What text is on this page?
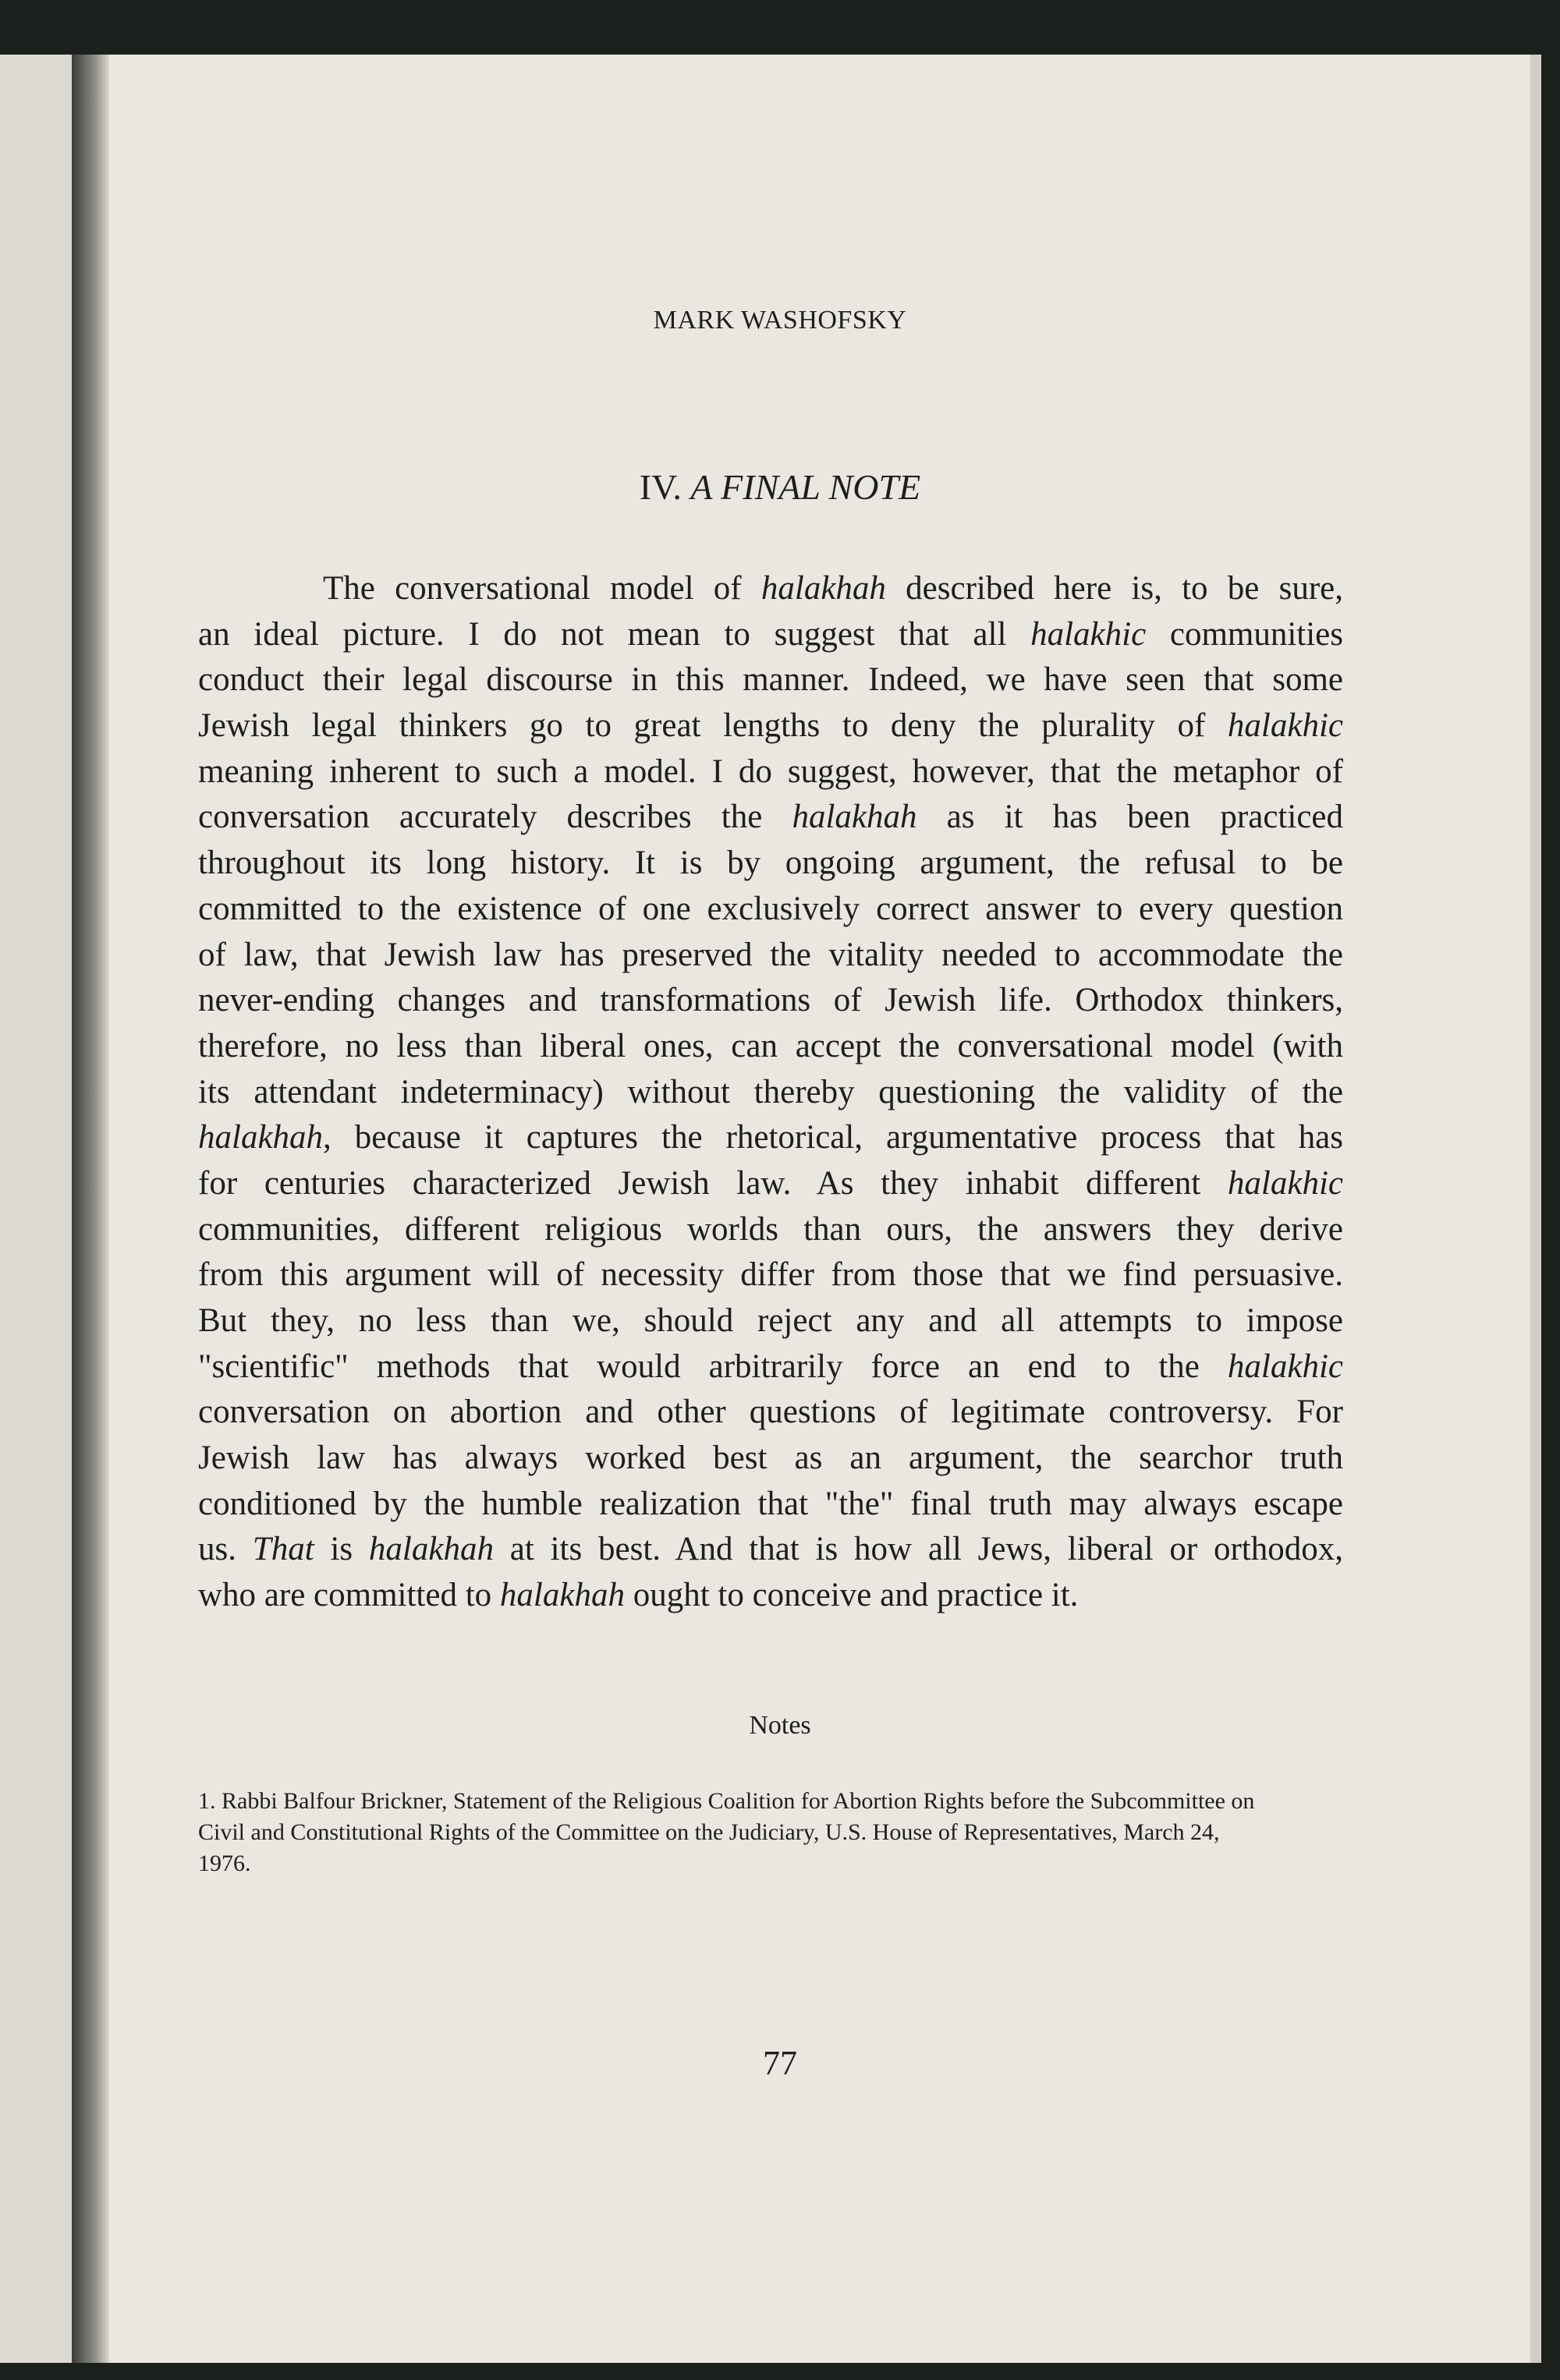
MARK WASHOFSKY
IV. A FINAL NOTE
The conversational model of halakhah described here is, to be sure,
an ideal picture. I do not mean to suggest that all halakhic communities
conduct their legal discourse in this manner. Indeed, we have seen that some
Jewish legal thinkers go to great lengths to deny the plurality of halakhic
meaning inherent to such a model. I do suggest, however, that the metaphor of
conversation accurately describes the halakhah as it has been practiced
throughout its long history. It is by ongoing argument, the refusal to be
committed to the existence of one exclusively correct answer to every question
of law, that Jewish law has preserved the vitality needed to accommodate the
never-ending changes and transformations of Jewish life. Orthodox thinkers,
therefore, no less than liberal ones, can accept the conversational model (with
its attendant indeterminacy) without thereby questioning the validity of the
halakhah, because it captures the rhetorical, argumentative process that has
for centuries characterized Jewish law. As they inhabit different halakhic
communities, different religious worlds than ours, the answers they derive
from this argument will of necessity differ from those that we find persuasive.
But they, no less than we, should reject any and all attempts to impose
"scientific" methods that would arbitrarily force an end to the halakhic
conversation on abortion and other questions of legitimate controversy. For
Jewish law has always worked best as an argument, the searchor truth
conditioned by the humble realization that "the" final truth may always escape
us. That is halakhah at its best. And that is how all Jews, liberal or orthodox,
who are committed to halakhah ought to conceive and practice it.
Notes
1. Rabbi Balfour Brickner, Statement of the Religious Coalition for Abortion Rights before the Subcommittee on Civil and Constitutional Rights of the Committee on the Judiciary, U.S. House of Representatives, March 24, 1976.
77
